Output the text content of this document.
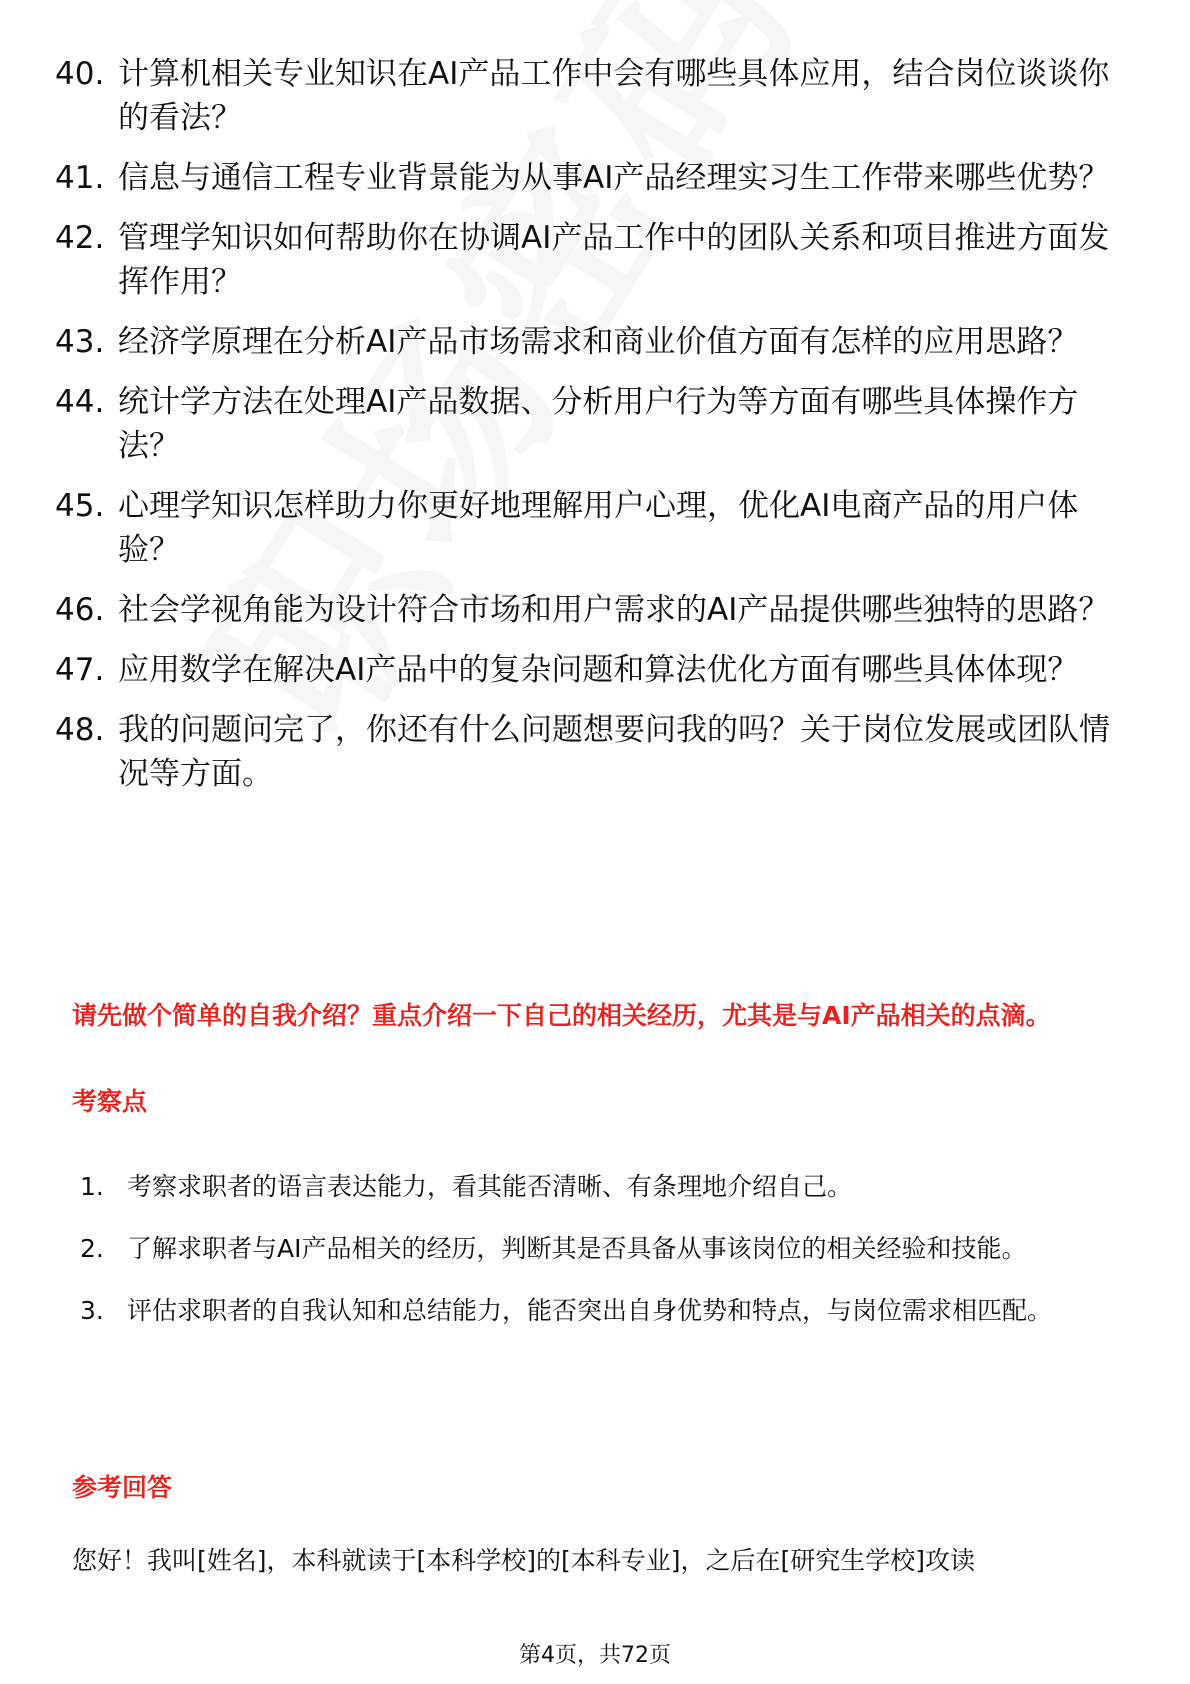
40. 计算机相关专业知识在AI产品工作中会有哪些具体应用，结合岗位谈谈你的看法？
41. 信息与通信工程专业背景能为从事AI产品经理实习生工作带来哪些优势？
42. 管理学知识如何帮助你在协调AI产品工作中的团队关系和项目推进方面发挥作用？
43. 经济学原理在分析AI产品市场需求和商业价值方面有怎样的应用思路？
44. 统计学方法在处理AI产品数据、分析用户行为等方面有哪些具体操作方法？
45. 心理学知识怎样助力你更好地理解用户心理，优化AI电商产品的用户体验？
46. 社会学视角能为设计符合市场和用户需求的AI产品提供哪些独特的思路？
47. 应用数学在解决AI产品中的复杂问题和算法优化方面有哪些具体体现？
48. 我的问题问完了，你还有什么问题想要问我的吗？关于岗位发展或团队情况等方面。

请先做个简单的自我介绍？重点介绍一下自己的相关经历，尤其是与AI产品相关的点滴。

考察点
1. 考察求职者的语言表达能力，看其能否清晰、有条理地介绍自己。
2. 了解求职者与AI产品相关的经历，判断其是否具备从事该岗位的相关经验和技能。
3. 评估求职者的自我认知和总结能力，能否突出自身优势和特点，与岗位需求相匹配。
参考回答

您好！我叫[姓名]，本科就读于[本科学校]的[本科专业]，之后在[研究生学校]攻读

第4页，共72页
